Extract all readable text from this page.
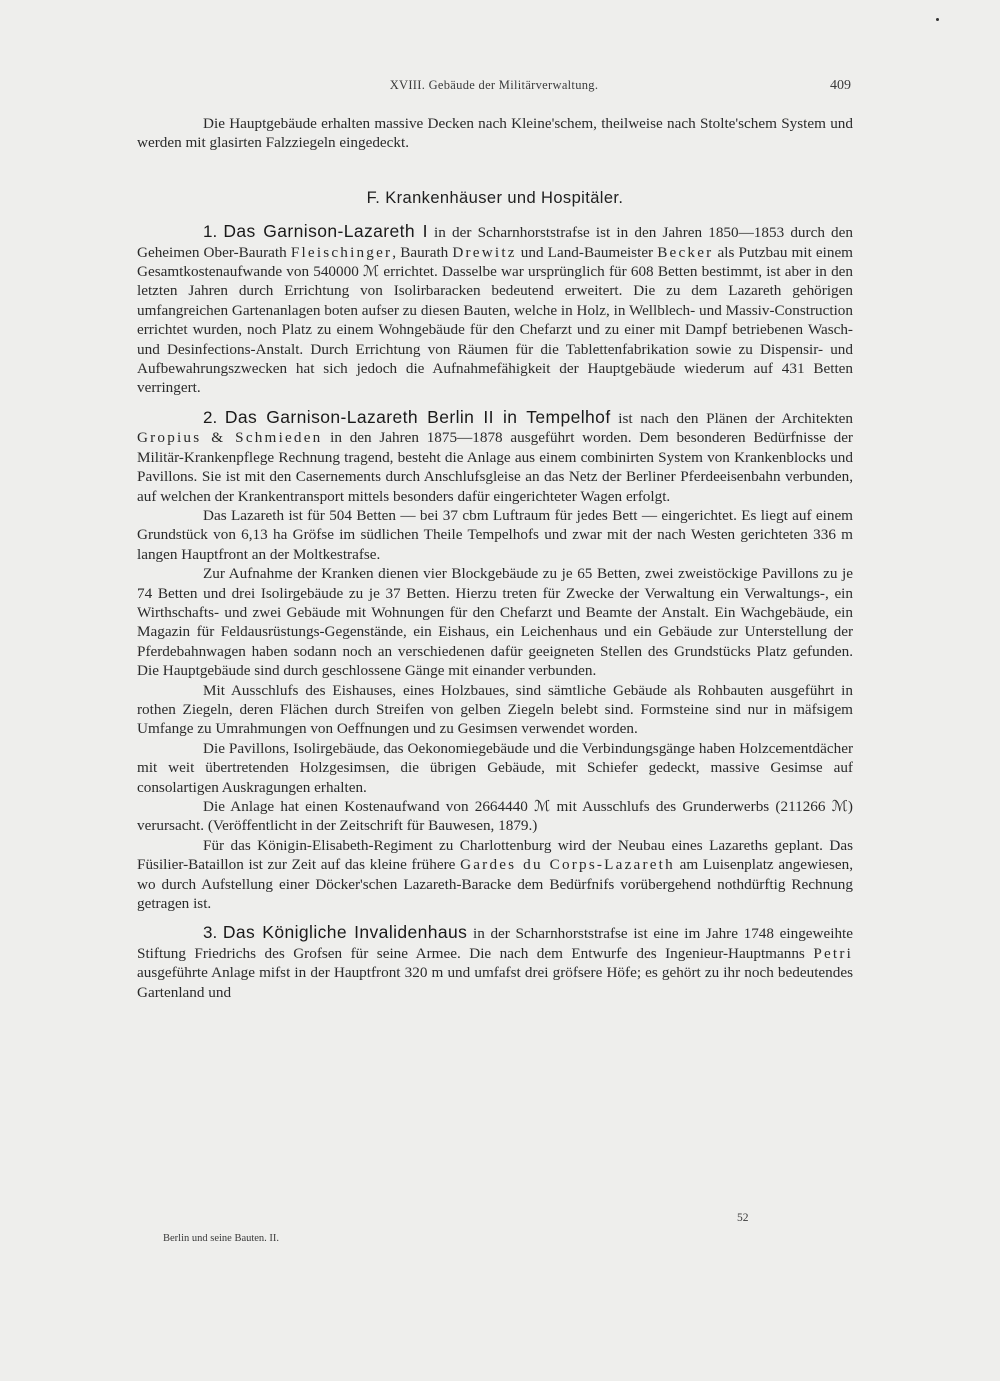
XVIII. Gebäude der Militärverwaltung.	409

Die Hauptgebäude erhalten massive Decken nach Kleine'schem, theilweise nach Stolte'schem System und werden mit glasirten Falzziegeln eingedeckt.

F. Krankenhäuser und Hospitäler.

1. Das Garnison-Lazareth I in der Scharnhorststrafse ist in den Jahren 1850—1853 durch den Geheimen Ober-Baurath Fleischinger, Baurath Drewitz und Land-Baumeister Becker als Putzbau mit einem Gesamtkostenaufwande von 540000 ℳ errichtet. Dasselbe war ursprünglich für 608 Betten bestimmt, ist aber in den letzten Jahren durch Errichtung von Isolirbaracken bedeutend erweitert. Die zu dem Lazareth gehörigen umfangreichen Gartenanlagen boten aufser zu diesen Bauten, welche in Holz, in Wellblech- und Massiv-Construction errichtet wurden, noch Platz zu einem Wohngebäude für den Chefarzt und zu einer mit Dampf betriebenen Wasch- und Desinfections-Anstalt. Durch Errichtung von Räumen für die Tablettenfabrikation sowie zu Dispensir- und Aufbewahrungszwecken hat sich jedoch die Aufnahmefähigkeit der Hauptgebäude wiederum auf 431 Betten verringert.

2. Das Garnison-Lazareth Berlin II in Tempelhof ist nach den Plänen der Architekten Gropius & Schmieden in den Jahren 1875—1878 ausgeführt worden. Dem besonderen Bedürfnisse der Militär-Krankenpflege Rechnung tragend, besteht die Anlage aus einem combinirten System von Krankenblocks und Pavillons. Sie ist mit den Casernements durch Anschlufsgleise an das Netz der Berliner Pferdeeisenbahn verbunden, auf welchen der Krankentransport mittels besonders dafür eingerichteter Wagen erfolgt.

Das Lazareth ist für 504 Betten — bei 37 cbm Luftraum für jedes Bett — eingerichtet. Es liegt auf einem Grundstück von 6,13 ha Gröfse im südlichen Theile Tempelhofs und zwar mit der nach Westen gerichteten 336 m langen Hauptfront an der Moltkestrafse.

Zur Aufnahme der Kranken dienen vier Blockgebäude zu je 65 Betten, zwei zweistöckige Pavillons zu je 74 Betten und drei Isolirgebäude zu je 37 Betten. Hierzu treten für Zwecke der Verwaltung ein Verwaltungs-, ein Wirthschafts- und zwei Gebäude mit Wohnungen für den Chefarzt und Beamte der Anstalt. Ein Wachgebäude, ein Magazin für Feldausrüstungs-Gegenstände, ein Eishaus, ein Leichenhaus und ein Gebäude zur Unterstellung der Pferdebahnwagen haben sodann noch an verschiedenen dafür geeigneten Stellen des Grundstücks Platz gefunden. Die Hauptgebäude sind durch geschlossene Gänge mit einander verbunden.

Mit Ausschlufs des Eishauses, eines Holzbaues, sind sämtliche Gebäude als Rohbauten ausgeführt in rothen Ziegeln, deren Flächen durch Streifen von gelben Ziegeln belebt sind. Formsteine sind nur in mäfsigem Umfange zu Umrahmungen von Oeffnungen und zu Gesimsen verwendet worden.

Die Pavillons, Isolirgebäude, das Oekonomiegebäude und die Verbindungsgänge haben Holzcementdächer mit weit übertretenden Holzgesimsen, die übrigen Gebäude, mit Schiefer gedeckt, massive Gesimse auf consolartigen Auskragungen erhalten.

Die Anlage hat einen Kostenaufwand von 2664440 ℳ mit Ausschlufs des Grunderwerbs (211266 ℳ) verursacht. (Veröffentlicht in der Zeitschrift für Bauwesen, 1879.)

Für das Königin-Elisabeth-Regiment zu Charlottenburg wird der Neubau eines Lazareths geplant. Das Füsilier-Bataillon ist zur Zeit auf das kleine frühere Gardes du Corps-Lazareth am Luisenplatz angewiesen, wo durch Aufstellung einer Döcker'schen Lazareth-Baracke dem Bedürfnifs vorübergehend nothdürftig Rechnung getragen ist.

3. Das Königliche Invalidenhaus in der Scharnhorststrafse ist eine im Jahre 1748 eingeweihte Stiftung Friedrichs des Grofsen für seine Armee. Die nach dem Entwurfe des Ingenieur-Hauptmanns Petri ausgeführte Anlage mifst in der Hauptfront 320 m und umfafst drei gröfsere Höfe; es gehört zu ihr noch bedeutendes Gartenland und

52
Berlin und seine Bauten. II.
